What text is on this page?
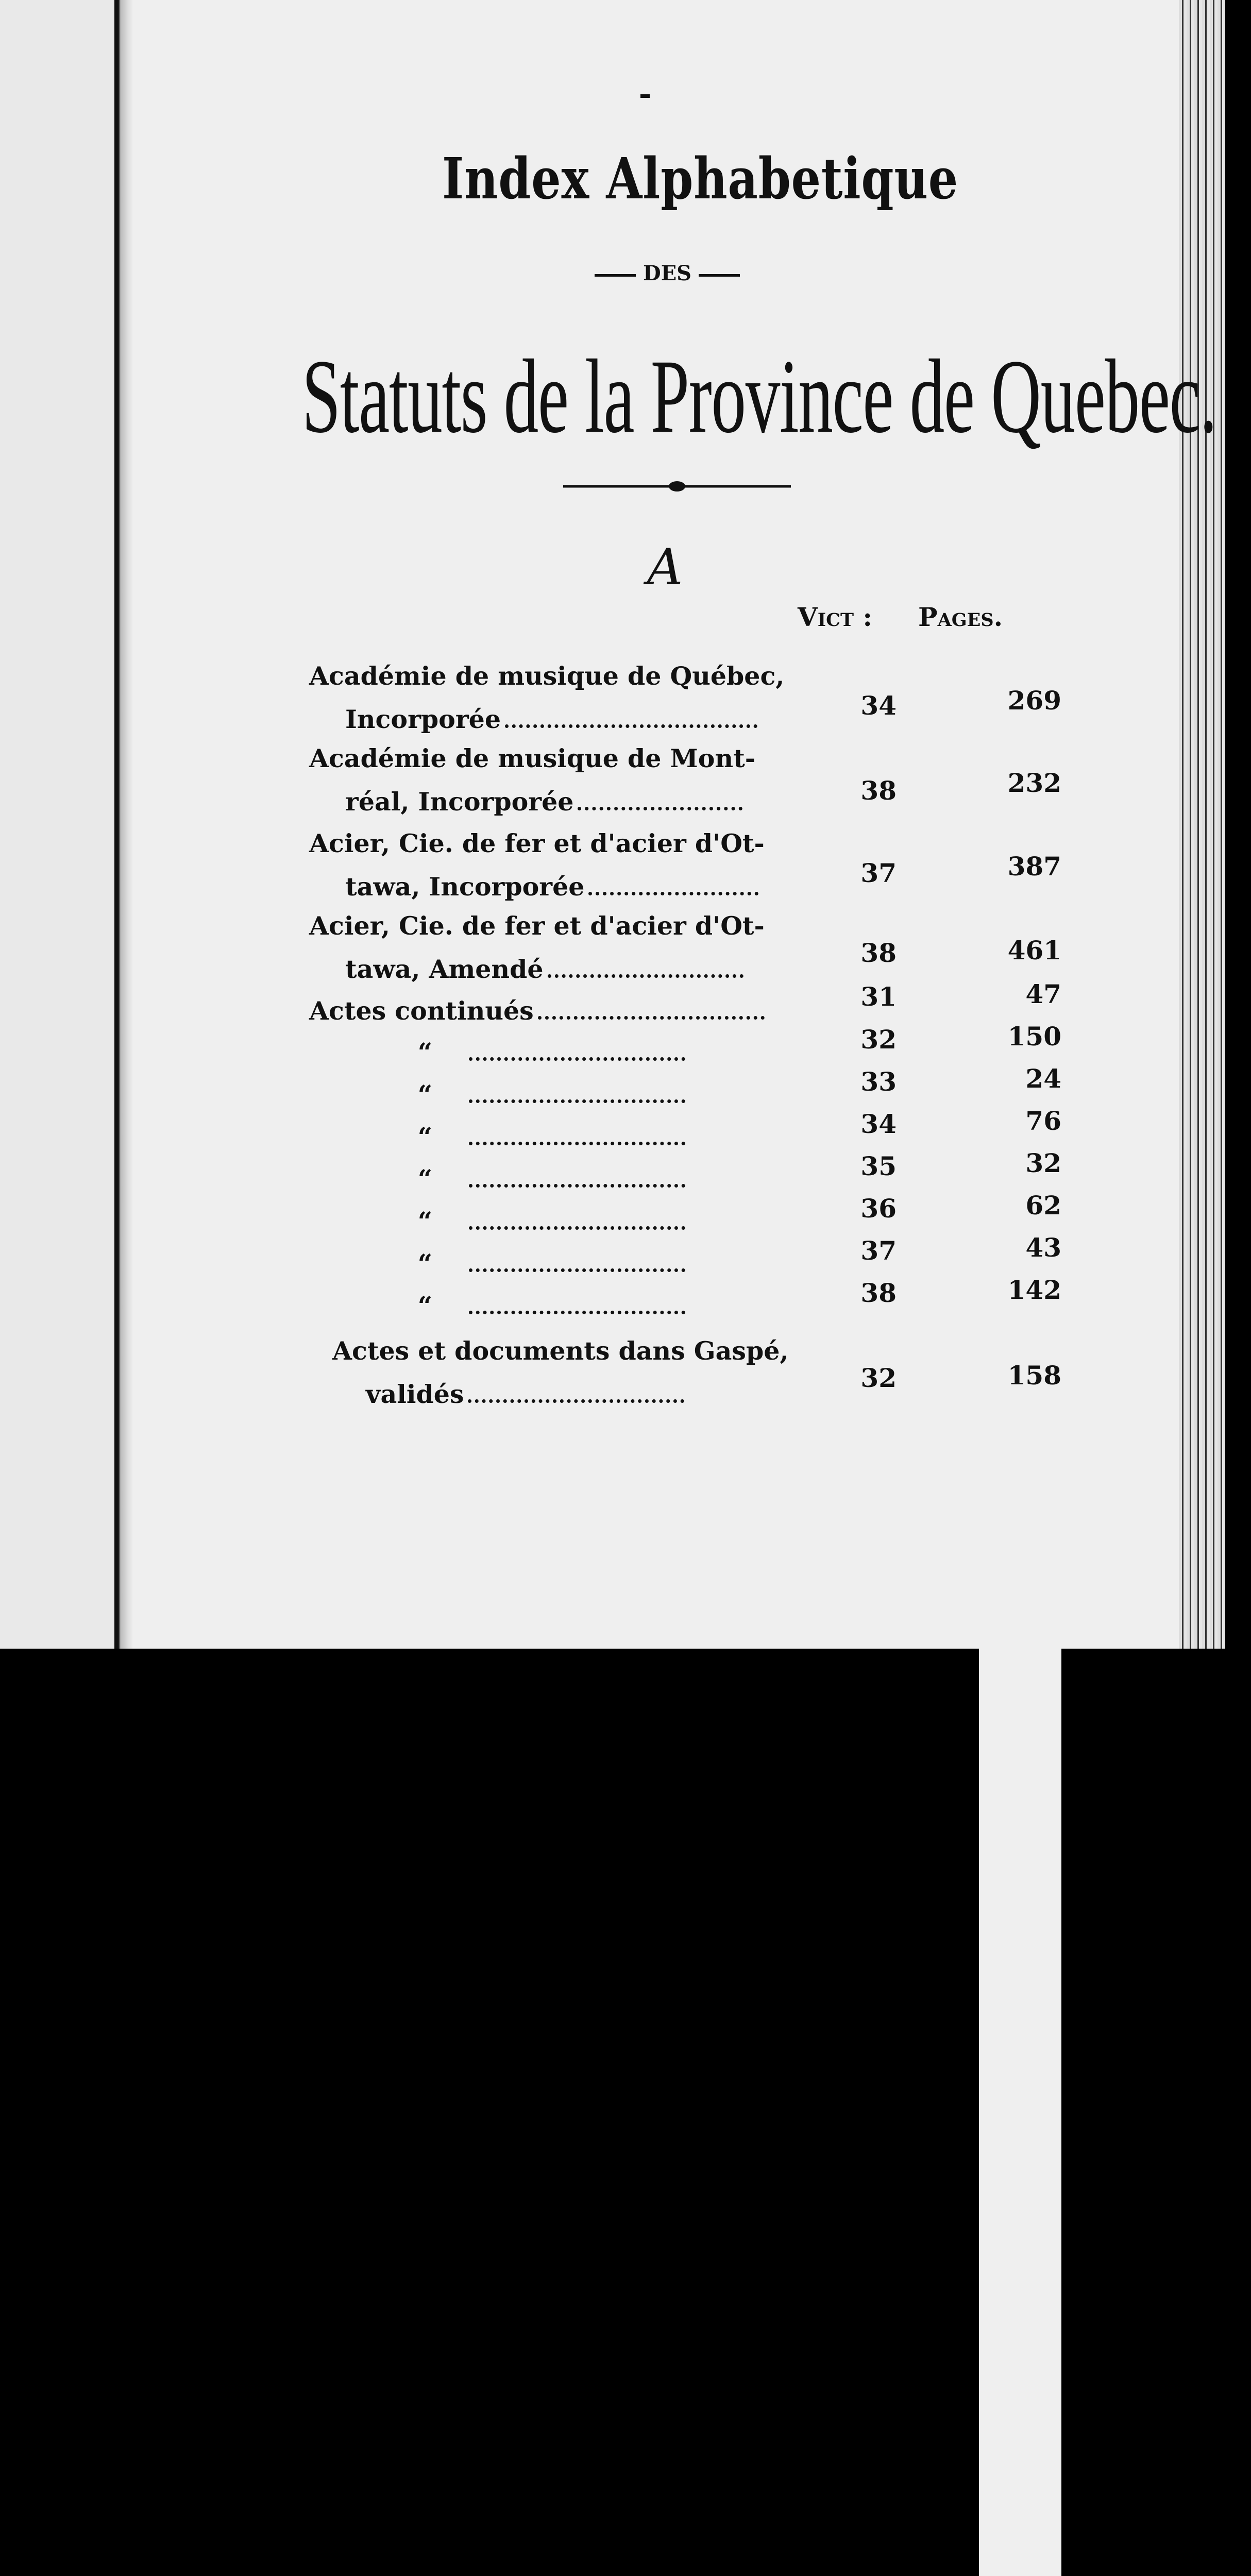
Index Alphabetique
DES
Statuts de la Province de Quebec.
A
Vict : Pages.
Académie de musique de Québec,
Incorporée	34	269
Académie de musique de Mont-
réal, Incorporée	38	232
Acier, Cie. de fer et d'acier d'Ot-
tawa, Incorporée	37	387
Acier, Cie. de fer et d'acier d'Ot-
tawa, Amendé
38	461
Actes continués	31	47
“	32	150
“	33	24
“	34	76
“	35	32
“	36	62
“	37	43
“	38	142
Actes et documents dans Gaspé,
validés
32	158
